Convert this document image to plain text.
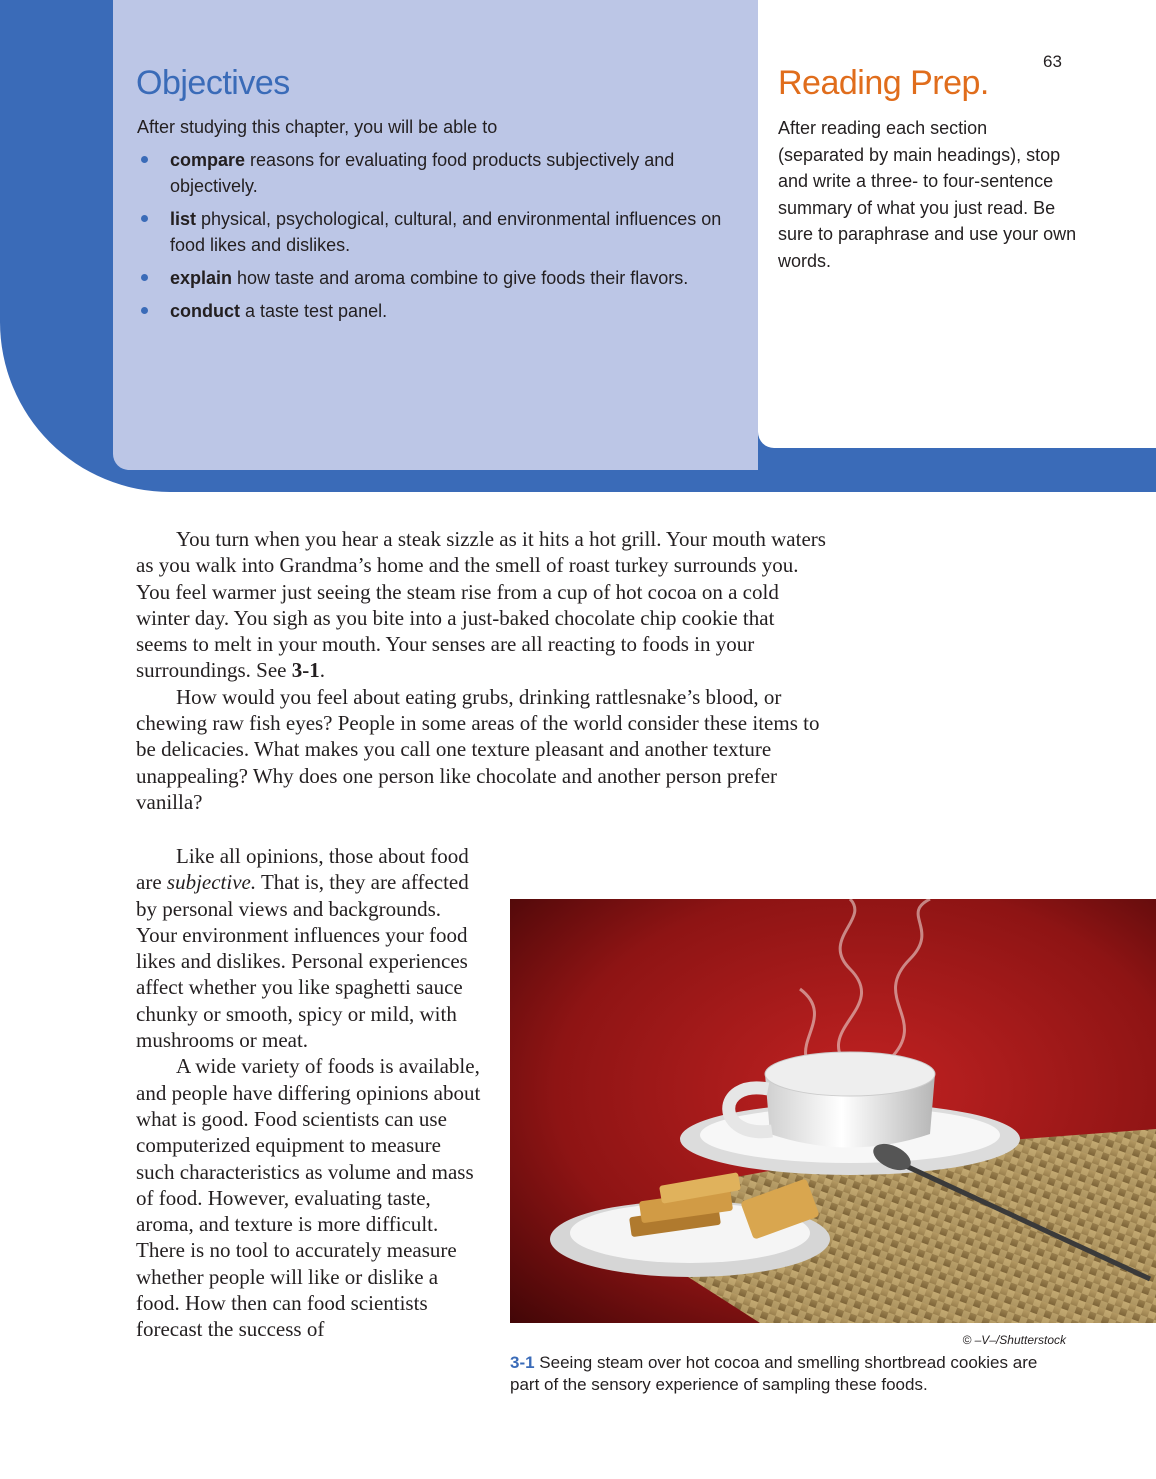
63
Objectives

After studying this chapter, you will be able to

compare reasons for evaluating food products subjectively and objectively.
list physical, psychological, cultural, and environmental influences on food likes and dislikes.
explain how taste and aroma combine to give foods their flavors.
conduct a taste test panel.
Reading Prep.

After reading each section (separated by main headings), stop and write a three- to four-sentence summary of what you just read. Be sure to paraphrase and use your own words.

You turn when you hear a steak sizzle as it hits a hot grill. Your mouth waters as you walk into Grandma’s home and the smell of roast turkey surrounds you. You feel warmer just seeing the steam rise from a cup of hot cocoa on a cold winter day. You sigh as you bite into a just-baked chocolate chip cookie that seems to melt in your mouth. Your senses are all reacting to foods in your surroundings. See 3-1.

How would you feel about eating grubs, drinking rattlesnake’s blood, or chewing raw fish eyes? People in some areas of the world consider these items to be delicacies. What makes you call one texture pleasant and another texture unappealing? Why does one person like chocolate and another person prefer vanilla?

Like all opinions, those about food are subjective. That is, they are affected by personal views and backgrounds. Your environment influences your food likes and dislikes. Personal experiences affect whether you like spaghetti sauce chunky or smooth, spicy or mild, with mushrooms or meat.

A wide variety of foods is available, and people have differing opinions about what is good. Food scientists can use computerized equipment to measure such characteristics as volume and mass of food. However, evaluating taste, aroma, and texture is more difficult. There is no tool to accurately measure whether people will like or dislike a food. How then can food scientists forecast the success of	© –V–/Shutterstock

3-1 Seeing steam over hot cocoa and smelling shortbread cookies are part of the sensory experience of sampling these foods.
